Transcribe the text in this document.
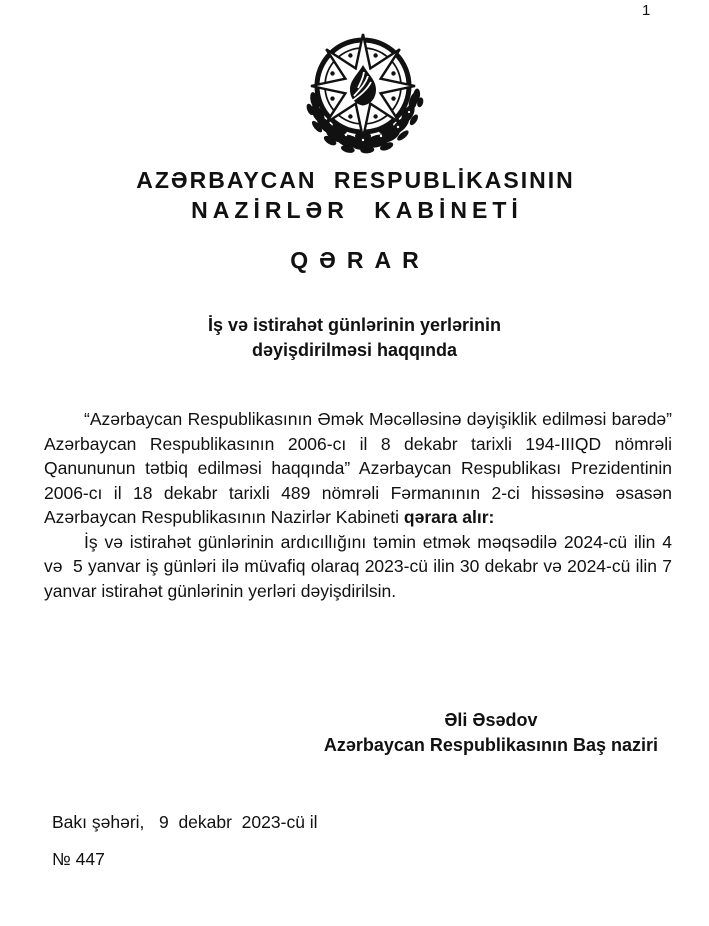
1
AZƏRBAYCAN RESPUBLİKASININ
NAZİRLƏR KABİNETİ
QƏRAR
İş və istirahət günlərinin yerlərinin
dəyişdirilməsi haqqında

“Azərbaycan Respublikasının Əmək Məcəlləsinə dəyişiklik edilməsi barədə” Azərbaycan Respublikasının 2006-cı il 8 dekabr tarixli 194-IIIQD nömrəli Qanununun tətbiq edilməsi haqqında” Azərbaycan Respublikası Prezidentinin 2006-cı il 18 dekabr tarixli 489 nömrəli Fərmanının 2-ci hissəsinə əsasən Azərbaycan Respublikasının Nazirlər Kabineti qərara alır:

İş və istirahət günlərinin ardıcıllığını təmin etmək məqsədilə 2024-cü ilin 4 və  5 yanvar iş günləri ilə müvafiq olaraq 2023-cü ilin 30 dekabr və 2024-cü ilin 7 yanvar istirahət günlərinin yerləri dəyişdirilsin.

Əli Əsədov
Azərbaycan Respublikasının Baş naziri
Bakı şəhəri,   9  dekabr  2023-cü il
№ 447
